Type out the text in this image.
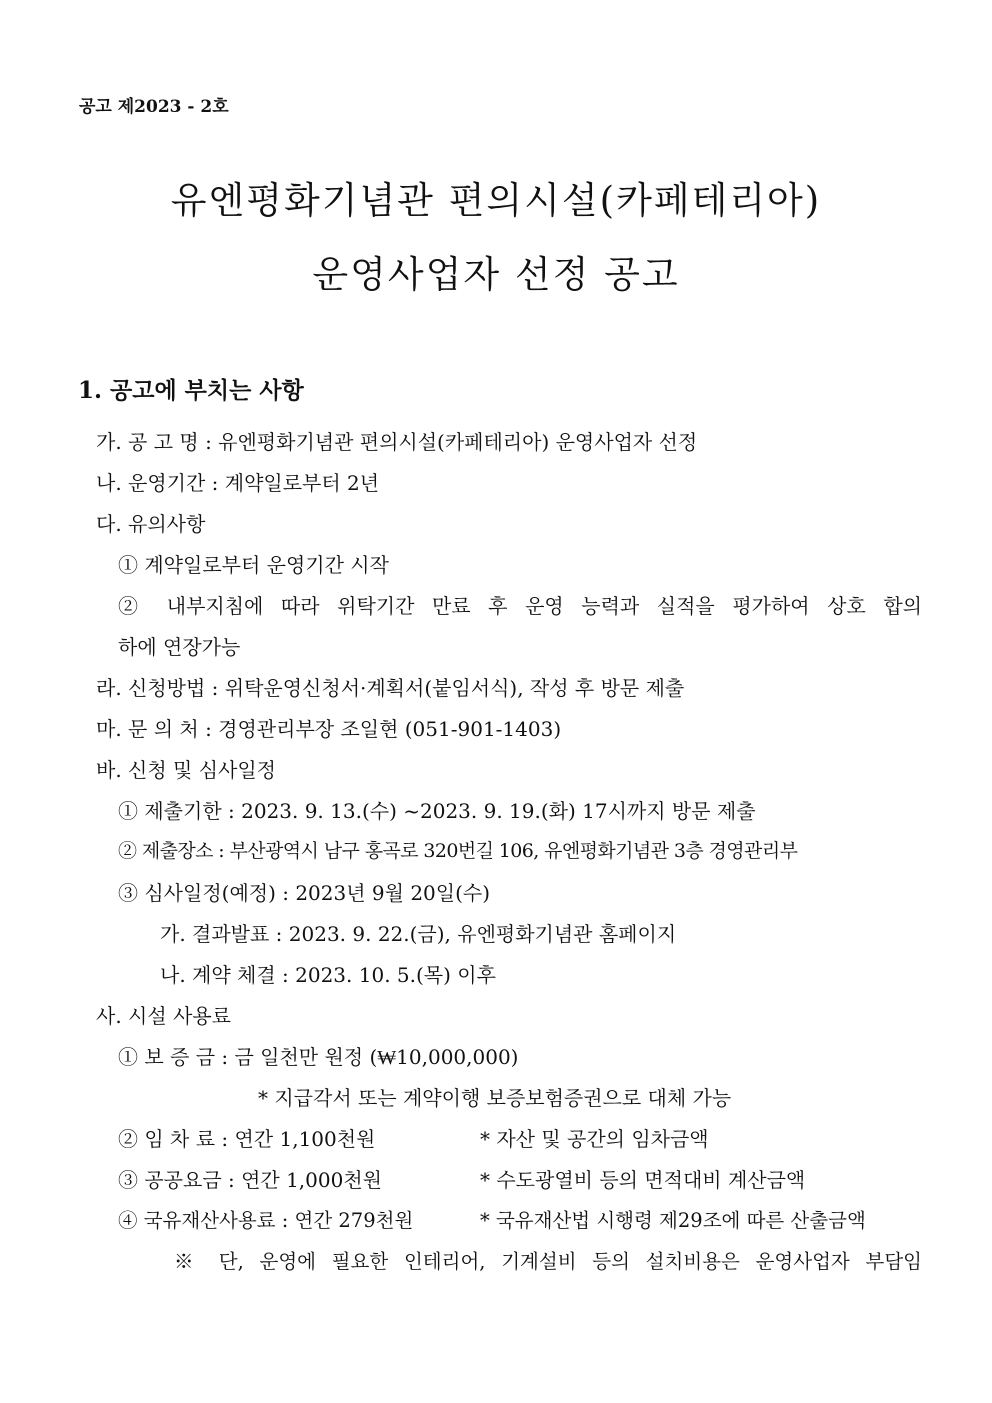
공고 제2023 - 2호
유엔평화기념관 편의시설(카페테리아)
운영사업자 선정 공고
1. 공고에 부치는 사항
가. 공 고 명 : 유엔평화기념관 편의시설(카페테리아) 운영사업자 선정
나. 운영기간 : 계약일로부터 2년
다. 유의사항
① 계약일로부터 운영기간 시작
② 내부지침에 따라 위탁기간 만료 후 운영 능력과 실적을 평가하여 상호 합의
하에 연장가능
라. 신청방법 : 위탁운영신청서·계획서(붙임서식), 작성 후 방문 제출
마. 문 의 처 : 경영관리부장 조일현 (051-901-1403)
바. 신청 및 심사일정
① 제출기한 : 2023. 9. 13.(수) ~2023. 9. 19.(화) 17시까지 방문 제출
② 제출장소 : 부산광역시 남구 홍곡로 320번길 106, 유엔평화기념관 3층 경영관리부
③ 심사일정(예정) : 2023년 9월 20일(수)
가. 결과발표 : 2023. 9. 22.(금), 유엔평화기념관 홈페이지
나. 계약 체결 : 2023. 10. 5.(목) 이후
사. 시설 사용료
① 보 증 금 : 금 일천만 원정 (₩10,000,000)
* 지급각서 또는 계약이행 보증보험증권으로 대체 가능
② 임 차 료 : 연간 1,100천원	* 자산 및 공간의 임차금액
③ 공공요금 : 연간 1,000천원	* 수도광열비 등의 면적대비 계산금액
④ 국유재산사용료 : 연간 279천원	* 국유재산법 시행령 제29조에 따른 산출금액
※ 단, 운영에 필요한 인테리어, 기계설비 등의 설치비용은 운영사업자 부담임
